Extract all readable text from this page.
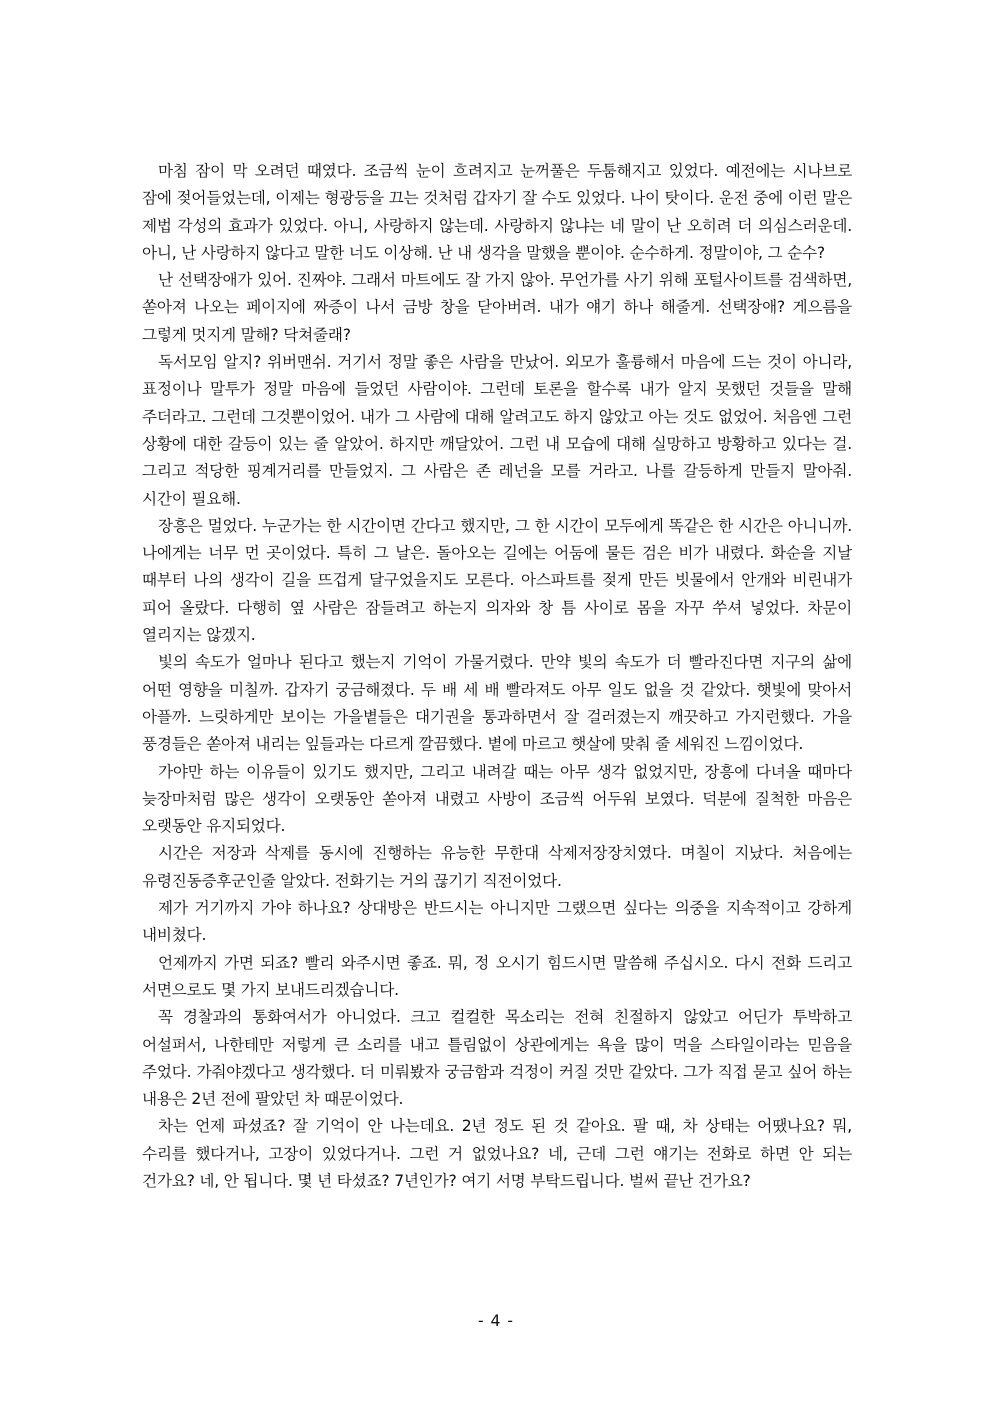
마침 잠이 막 오려던 때였다. 조금씩 눈이 흐려지고 눈꺼풀은 두툼해지고 있었다. 예전에는 시나브로 잠에 젖어들었는데, 이제는 형광등을 끄는 것처럼 갑자기 잘 수도 있었다. 나이 탓이다. 운전 중에 이런 말은 제법 각성의 효과가 있었다. 아니, 사랑하지 않는데. 사랑하지 않냐는 네 말이 난 오히려 더 의심스러운데. 아니, 난 사랑하지 않다고 말한 너도 이상해. 난 내 생각을 말했을 뿐이야. 순수하게. 정말이야, 그 순수?

난 선택장애가 있어. 진짜야. 그래서 마트에도 잘 가지 않아. 무언가를 사기 위해 포털사이트를 검색하면, 쏟아져 나오는 페이지에 짜증이 나서 금방 창을 닫아버려. 내가 얘기 하나 해줄게. 선택장애? 게으름을 그렇게 멋지게 말해? 닥쳐줄래?

독서모임 알지? 위버맨쉬. 거기서 정말 좋은 사람을 만났어. 외모가 훌륭해서 마음에 드는 것이 아니라, 표정이나 말투가 정말 마음에 들었던 사람이야. 그런데 토론을 할수록 내가 알지 못했던 것들을 말해 주더라고. 그런데 그것뿐이었어. 내가 그 사람에 대해 알려고도 하지 않았고 아는 것도 없었어. 처음엔 그런 상황에 대한 갈등이 있는 줄 알았어. 하지만 깨달았어. 그런 내 모습에 대해 실망하고 방황하고 있다는 걸. 그리고 적당한 핑계거리를 만들었지. 그 사람은 존 레넌을 모를 거라고. 나를 갈등하게 만들지 말아줘. 시간이 필요해.

장흥은 멀었다. 누군가는 한 시간이면 간다고 했지만, 그 한 시간이 모두에게 똑같은 한 시간은 아니니까. 나에게는 너무 먼 곳이었다. 특히 그 날은. 돌아오는 길에는 어둠에 물든 검은 비가 내렸다. 화순을 지날 때부터 나의 생각이 길을 뜨겁게 달구었을지도 모른다. 아스파트를 젖게 만든 빗물에서 안개와 비린내가 피어 올랐다. 다행히 옆 사람은 잠들려고 하는지 의자와 창 틈 사이로 몸을 자꾸 쑤셔 넣었다. 차문이 열리지는 않겠지.

빛의 속도가 얼마나 된다고 했는지 기억이 가물거렸다. 만약 빛의 속도가 더 빨라진다면 지구의 삶에 어떤 영향을 미칠까. 갑자기 궁금해졌다. 두 배 세 배 빨라져도 아무 일도 없을 것 같았다. 햇빛에 맞아서 아플까. 느릿하게만 보이는 가을볕들은 대기권을 통과하면서 잘 걸러졌는지 깨끗하고 가지런했다. 가을 풍경들은 쏟아져 내리는 잎들과는 다르게 깔끔했다. 볕에 마르고 햇살에 맞춰 줄 세워진 느낌이었다.

가야만 하는 이유들이 있기도 했지만, 그리고 내려갈 때는 아무 생각 없었지만, 장흥에 다녀올 때마다 늦장마처럼 많은 생각이 오랫동안 쏟아져 내렸고 사방이 조금씩 어두워 보였다. 덕분에 질척한 마음은 오랫동안 유지되었다.

시간은 저장과 삭제를 동시에 진행하는 유능한 무한대 삭제저장장치였다. 며칠이 지났다. 처음에는 유령진동증후군인줄 알았다. 전화기는 거의 끊기기 직전이었다.

제가 거기까지 가야 하나요? 상대방은 반드시는 아니지만 그랬으면 싶다는 의중을 지속적이고 강하게 내비쳤다.

언제까지 가면 되죠? 빨리 와주시면 좋죠. 뭐, 정 오시기 힘드시면 말씀해 주십시오. 다시 전화 드리고 서면으로도 몇 가지 보내드리겠습니다.

꼭 경찰과의 통화여서가 아니었다. 크고 컬컬한 목소리는 전혀 친절하지 않았고 어딘가 투박하고 어설퍼서, 나한테만 저렇게 큰 소리를 내고 틀림없이 상관에게는 욕을 많이 먹을 스타일이라는 믿음을 주었다. 가줘야겠다고 생각했다. 더 미뤄봤자 궁금함과 걱정이 커질 것만 같았다. 그가 직접 묻고 싶어 하는 내용은 2년 전에 팔았던 차 때문이었다.

차는 언제 파셨죠? 잘 기억이 안 나는데요. 2년 정도 된 것 같아요. 팔 때, 차 상태는 어땠나요? 뭐, 수리를 했다거나, 고장이 있었다거나. 그런 거 없었나요? 네, 근데 그런 얘기는 전화로 하면 안 되는 건가요? 네, 안 됩니다. 몇 년 타셨죠? 7년인가? 여기 서명 부탁드립니다. 벌써 끝난 건가요?

- 4 -
